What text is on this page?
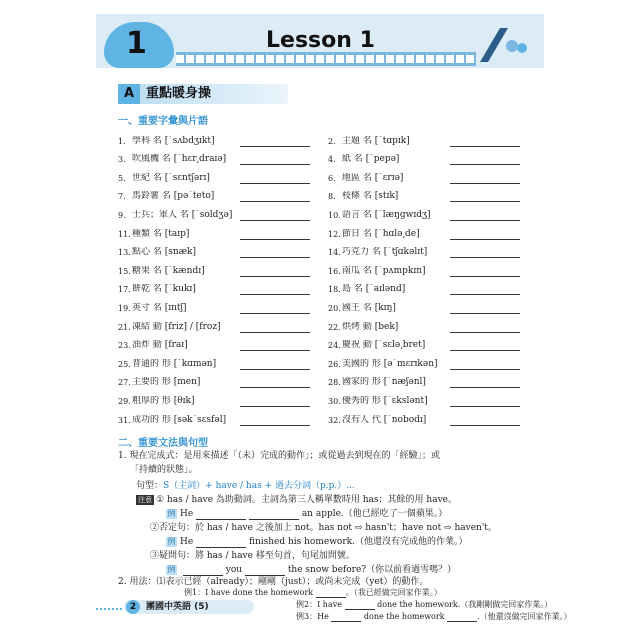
1	Lesson 1
A 重點暖身操
一、重要字彙與片語
1. 學科 名 [ˋsʌbdʒɪkt]	2. 主題 名 [ˋtɑpɪk]
3. 吹風機 名 [ˋhɛr͵draɪə]	4. 紙 名 [ˋpepə]
5. 世紀 名 [ˋsɛntʃərɪ]	6. 地區 名 [ˋɛrɪə]
7. 馬鈴薯 名 [pəˋteto]	8. 枝條 名 [stɪk]
9. 士兵；軍人 名 [ˋsoldʒə]	10. 語言 名 [ˋlæŋgwɪdʒ]
11. 種類 名 [taɪp]	12. 節日 名 [ˋhɑlə͵de]
13. 點心 名 [snæk]	14. 巧克力 名 [ˋtʃɑkəlɪt]
15. 糖果 名 [ˋkændɪ]	16. 南瓜 名 [ˋpʌmpkɪn]
17. 餅乾 名 [ˋkukɪ]	18. 島 名 [ˋaɪlənd]
19. 英寸 名 [ɪntʃ]	20. 國王 名 [kɪŋ]
21. 凍結 動 [friz] / [froz]	22. 烘烤 動 [bek]
23. 油炸 動 [fraɪ]	24. 慶祝 動 [ˋsɛlə͵bret]
25. 普通的 形 [ˋkɑmən]	26. 美國的 形 [əˋmɛrɪkən]
27. 主要的 形 [men]	28. 國家的 形 [ˋnæʃənl]
29. 粗厚的 形 [θɪk]	30. 優秀的 形 [ˋɛkslənt]
31. 成功的 形 [səkˋsɛsfəl]	32. 沒有人 代 [ˋnobodɪ]
二、重要文法與句型
1. 現在完成式：是用來描述「（未）完成的動作」；或從過去到現在的「經驗」；或
「持續的狀態」。
句型：S（主詞）+ have / has + 過去分詞（p.p.）...
注意 ① has / have 為助動詞。主詞為第三人稱單數時用 has；其餘的用 have。
例 He	an apple.（他已經吃了一個蘋果。）
②否定句：於 has / have 之後加上 not。has not ⇨ hasn't；have not ⇨ haven't。
例 He	finished his homework.（他還沒有完成他的作業。）
③疑問句：將 has / have 移至句首，句尾加問號。
例	you	the snow before?（你以前看過雪嗎？）
2. 用法：⑴表示已經（already）；剛剛（just）；或尚未完成（yet）的動作。
例1：I have done the homework	。（我已經做完回家作業。）
2	團國中英語 (5)	例2：I have	done the homework.（我剛剛做完回家作業。）
例3：He	done the homework	.（他還沒做完回家作業。）
